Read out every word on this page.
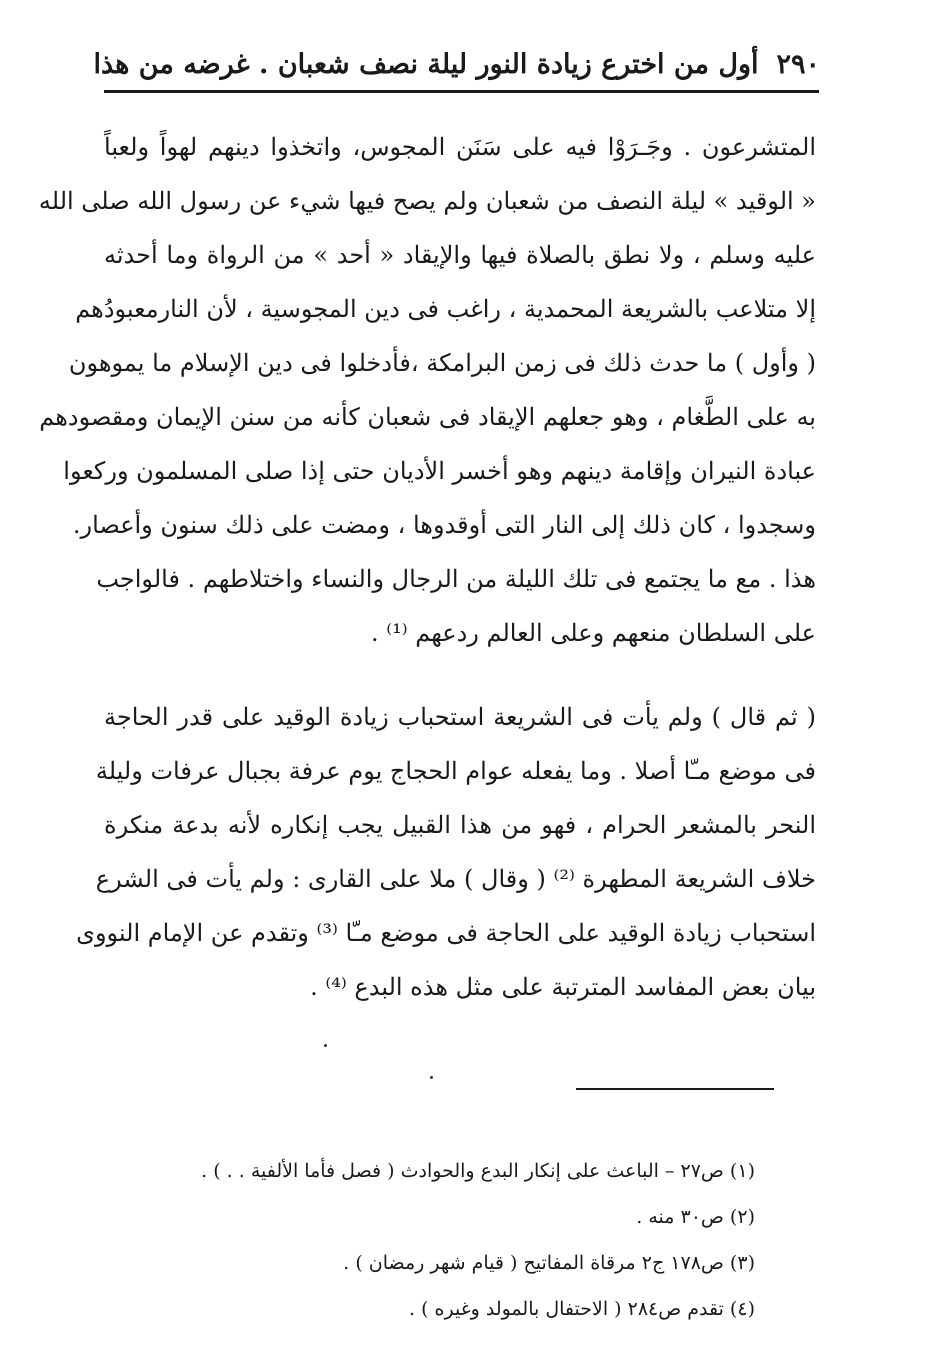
٢٩٠
أول من اخترع زيادة النور ليلة نصف شعبان . غرضه من هذا
المتشرعون . وجَـرَوْا فيه على سَنَن المجوس، واتخذوا دينهم لهواً ولعباً
« الوقيد » ليلة النصف من شعبان ولم يصح فيها شيء عن رسول الله صلى الله
عليه وسلم ، ولا نطق بالصلاة فيها والإيقاد « أحد » من الرواة وما أحدثه
إلا متلاعب بالشريعة المحمدية ، راغب فى دين المجوسية ، لأن النارمعبودُهم
( وأول ) ما حدث ذلك فى زمن البرامكة ،فأدخلوا فى دين الإسلام ما يموهون
به على الطَّغام ، وهو جعلهم الإيقاد فى شعبان كأنه من سنن الإيمان ومقصودهم
عبادة النيران وإقامة دينهم وهو أخسر الأديان حتى إذا صلى المسلمون وركعوا
وسجدوا ، كان ذلك إلى النار التى أوقدوها ، ومضت على ذلك سنون وأعصار.
هذا . مع ما يجتمع فى تلك الليلة من الرجال والنساء واختلاطهم . فالواجب
على السلطان منعهم وعلى العالم ردعهم ⁽¹⁾ .
( ثم قال ) ولم يأت فى الشريعة استحباب زيادة الوقيد على قدر الحاجة
فى موضع مـّا أصلا . وما يفعله عوام الحجاج يوم عرفة بجبال عرفات وليلة
النحر بالمشعر الحرام ، فهو من هذا القبيل يجب إنكاره لأنه بدعة منكرة
خلاف الشريعة المطهرة ⁽²⁾ ( وقال ) ملا على القارى : ولم يأت فى الشرع
استحباب زيادة الوقيد على الحاجة فى موضع مـّا ⁽³⁾ وتقدم عن الإمام النووى
بيان بعض المفاسد المترتبة على مثل هذه البدع ⁽⁴⁾ .
(١) ص٢٧ – الباعث على إنكار البدع والحوادث ( فصل فأما الألفية . . ) .
(٢) ص٣٠ منه .
(٣) ص١٧٨ ج٢ مرقاة المفاتيح ( قيام شهر رمضان ) .
(٤) تقدم ص٢٨٤ ( الاحتفال بالمولد وغيره ) .
